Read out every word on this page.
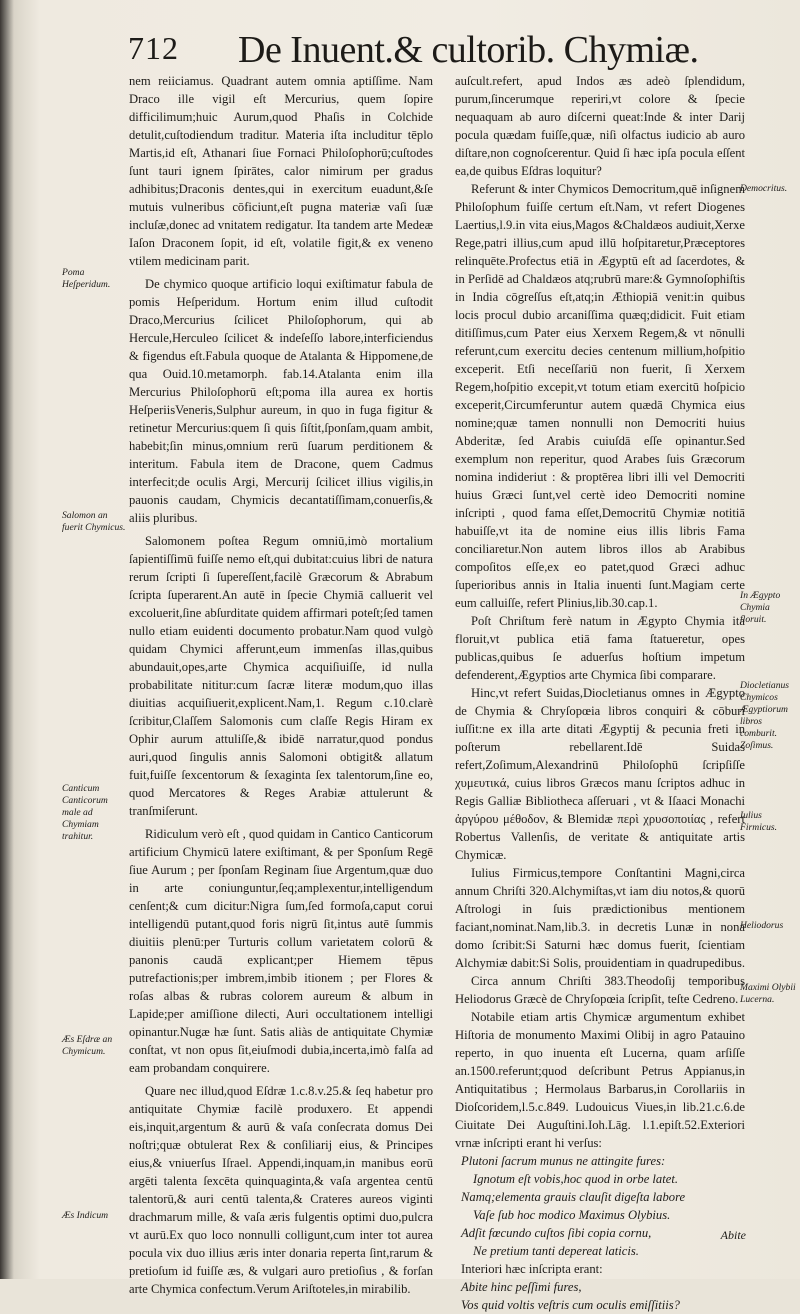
712 De Inuent.& cultorib. Chymiæ.

nem reiiciamus. Quadrant autem omnia aptiſſime. Nam Draco ille vigil eſt Mercurius, quem ſopire difficilimum;huic Aurum,quod Phaſis in Colchide detulit,cuſtodiendum traditur. Materia iſta includitur tēplo Martis,id eſt, Athanari ſiue Fornaci Philoſophorū;cuſtodes ſunt tauri ignem ſpirātes, calor nimirum per gradus adhibitus;Draconis dentes,qui in exercitum euadunt,&ſe mutuis vulneribus cōficiunt,eſt pugna materiæ vaſi ſuæ incluſæ,donec ad vnitatem redigatur. Ita tandem arte Medeæ Iaſon Draconem ſopit, id eſt, volatile figit,& ex veneno vtilem medicinam parit.

De chymico quoque artificio loqui exiſtimatur fabula de pomis Heſperidum. Hortum enim illud cuſtodit Draco,Mercurius ſcilicet Philoſophorum, qui ab Hercule,Herculeo ſcilicet & indeſeſſo labore,interficiendus & figendus eſt.Fabula quoque de Atalanta & Hippomene,de qua Ouid.10.metamorph. fab.14.Atalanta enim illa Mercurius Philoſophorū eſt;poma illa aurea ex hortis HeſperiisVeneris,Sulphur aureum, in quo in fuga figitur & retinetur Mercurius:quem ſi quis ſiſtit,ſponſam,quam ambit, habebit;ſin minus,omnium rerū ſuarum perditionem & interitum. Fabula item de Dracone, quem Cadmus interfecit;de oculis Argi, Mercurij ſcilicet illius vigilis,in pauonis caudam, Chymicis decantatiſſimam,conuerſis,& aliis pluribus.

Salomonem poſtea Regum omniū,imò mortalium ſapientiſſimū fuiſſe nemo eſt,qui dubitat:cuius libri de natura rerum ſcripti ſi ſupereſſent,facilè Græcorum & Abrabum ſcripta ſuperarent.An autē in ſpecie Chymiā calluerit vel excoluerit,ſine abſurditate quidem affirmari poteſt;ſed tamen nullo etiam euidenti documento probatur.Nam quod vulgò quidam Chymici afferunt,eum immenſas illas,quibus abundauit,opes,arte Chymica acquiſiuiſſe, id nulla probabilitate nititur:cum ſacræ literæ modum,quo illas diuitias acquiſiuerit,explicent.Nam,1. Regum c.10.clarè ſcribitur,Claſſem Salomonis cum claſſe Regis Hiram ex Ophir aurum attuliſſe,& ibidē narratur,quod pondus auri,quod ſingulis annis Salomoni obtigit& allatum fuit,fuiſſe ſexcentorum & ſexaginta ſex talentorum,ſine eo, quod Mercatores & Reges Arabiæ attulerunt & tranſmiſerunt.

Ridiculum verò eſt , quod quidam in Cantico Canticorum artificium Chymicū latere exiſtimant, & per Sponſum Regē ſiue Aurum ; per ſponſam Reginam ſiue Argentum,quæ duo in arte coniunguntur,ſeq;amplexentur,intelligendum cenſent;& cum dicitur:Nigra ſum,ſed formoſa,caput corui intelligendū putant,quod foris nigrū ſit,intus autē ſummis diuitiis plenū:per Turturis collum varietatem colorū & panonis caudā explicant;per Hiemem tēpus putrefactionis;per imbrem,imbib itionem ; per Flores & roſas albas & rubras colorem aureum & album in Lapide;per amiſſione dilecti, Auri occultationem intelligi opinantur.Nugæ hæ ſunt. Satis aliàs de antiquitate Chymiæ conſtat, vt non opus ſit,eiuſmodi dubia,incerta,imò falſa ad eam probandam conquirere.

Quare nec illud,quod Eſdræ 1.c.8.v.25.& ſeq habetur pro antiquitate Chymiæ facilè produxero. Et appendi eis,inquit,argentum & aurū & vaſa conſecrata domus Dei noſtri;quæ obtulerat Rex & conſiliarij eius, & Principes eius,& vniuerſus Iſrael. Appendi,inquam,in manibus eorū argēti talenta ſexcēta quinquaginta,& vaſa argentea centū talentorū,& auri centū talenta,& Crateres aureos viginti drachmarum mille, & vaſa æris fulgentis optimi duo,pulcra vt aurū.Ex quo loco nonnulli colligunt,cum inter tot aurea pocula vix duo illius æris inter donaria reperta ſint,rarum & pretioſum id fuiſſe æs, & vulgari auro pretioſius , & forſan arte Chymica confectum.Verum Ariſtoteles,in mirabilib.

auſcult.refert, apud Indos æs adeò ſplendidum, purum,ſincerumque reperiri,vt colore & ſpecie nequaquam ab auro diſcerni queat:Inde & inter Darij pocula quædam fuiſſe,quæ, niſi olfactus iudicio ab auro diſtare,non cognoſcerentur. Quid ſi hæc ipſa pocula eſſent ea,de quibus Eſdras loquitur?

Referunt & inter Chymicos Democritum,quē inſignem Philoſophum fuiſſe certum eſt.Nam, vt refert Diogenes Laertius,l.9.in vita eius,Magos &Chaldæos audiuit,Xerxe Rege,patri illius,cum apud illū hoſpitaretur,Præceptores relinquēte.Profectus etiā in Ægyptū eſt ad ſacerdotes, & in Perſidē ad Chaldæos atq;rubrū mare:& Gymnoſophiſtis in India cōgreſſus eſt,atq;in Æthiopiā venit:in quibus locis procul dubio arcaniſſima quæq;didicit. Fuit etiam ditiſſimus,cum Pater eius Xerxem Regem,& vt nōnulli referunt,cum exercitu decies centenum millium,hoſpitio exceperit. Etſi neceſſariū non fuerit, ſi Xerxem Regem,hoſpitio excepit,vt totum etiam exercitū hoſpicio exceperit,Circumferuntur autem quædā Chymica eius nomine;quæ tamen nonnulli non Democriti huius Abderitæ, ſed Arabis cuiuſdā eſſe opinantur.Sed exemplum non reperitur, quod Arabes ſuis Græcorum nomina indideriut : & proptērea libri illi vel Democriti huius Græci ſunt,vel certè ideo Democriti nomine inſcripti , quod fama eſſet,Democritū Chymiæ notitiā habuiſſe,vt ita de nomine eius illis libris Fama conciliaretur.Non autem libros illos ab Arabibus compoſitos eſſe,ex eo patet,quod Græci adhuc ſuperioribus annis in Italia inuenti ſunt.Magiam certe eum calluiſſe, refert Plinius,lib.30.cap.1.

Poſt Chriſtum ferè natum in Ægypto Chymia ita floruit,vt publica etiā fama ſtatueretur, opes publicas,quibus ſe aduerſus hoſtium impetum defenderent,Ægyptios arte Chymica ſibi comparare.

Hinc,vt refert Suidas,Diocletianus omnes in Ægypto de Chymia & Chryſopœia libros conquiri & cōburi iuſſit:ne ex illa arte ditati Ægyptij & pecunia freti in poſterum rebellarent.Idē Suidas refert,Zoſimum,Alexandrinū Philoſophū ſcripſiſſe χυμευτικά, cuius libros Græcos manu ſcriptos adhuc in Regis Galliæ Bibliotheca aſſeruari , vt & Iſaaci Monachi ἀργύρου μέθοδον, & Blemidæ περὶ χρυσοποιίας , refert Robertus Vallenſis, de veritate & antiquitate artis Chymicæ.

Iulius Firmicus,tempore Conſtantini Magni,circa annum Chriſti 320.Alchymiſtas,vt iam diu notos,& quorū Aſtrologi in ſuis prædictionibus mentionem faciant,nominat.Nam,lib.3. in decretis Lunæ in nona domo ſcribit:Si Saturni hæc domus fuerit, ſcientiam Alchymiæ dabit:Si Solis, prouidentiam in quadrupedibus.

Circa annum Chriſti 383.Theodoſij temporibus Heliodorus Græcè de Chryſopœia ſcripſit, teſte Cedreno.

Notabile etiam artis Chymicæ argumentum exhibet Hiſtoria de monumento Maximi Olibij in agro Patauino reperto, in quo inuenta eſt Lucerna, quam arſiſſe an.1500.referunt;quod deſcribunt Petrus Appianus,in Antiquitatibus ; Hermolaus Barbarus,in Corollariis in Dioſcoridem,l.5.c.849. Ludouicus Viues,in lib.21.c.6.de Ciuitate Dei Auguſtini.Ioh.Lāg. l.1.epiſt.52.Exteriori vrnæ inſcripti erant hi verſus:

Plutoni ſacrum munus ne attingite fures:

Ignotum eſt vobis,hoc quod in orbe latet.

Namq;elementa grauis clauſit digeſta labore

Vaſe ſub hoc modico Maximus Olybius.

Adſit fœcundo cuſtos ſibi copia cornu,

Ne pretium tanti depereat laticis.

Interiori hæc inſcripta erant:

Abite hinc peſſimi fures,

Vos quid voltis veſtris cum oculis emiſſitiis?

Poma Heſperidum.
Salomon an fuerit Chymicus.
Canticum Canticorum male ad Chymiam trahitur.
Æs Eſdræ an Chymicum.
Æs Indicum
Democritus.
In Ægypto Chymia floruit.
Diocletianus Chymicos Ægyptiorum libros comburit. Zoſimus.
Iulius Firmicus.
Heliodorus
Maximi Olybii Lucerna.
Abite
